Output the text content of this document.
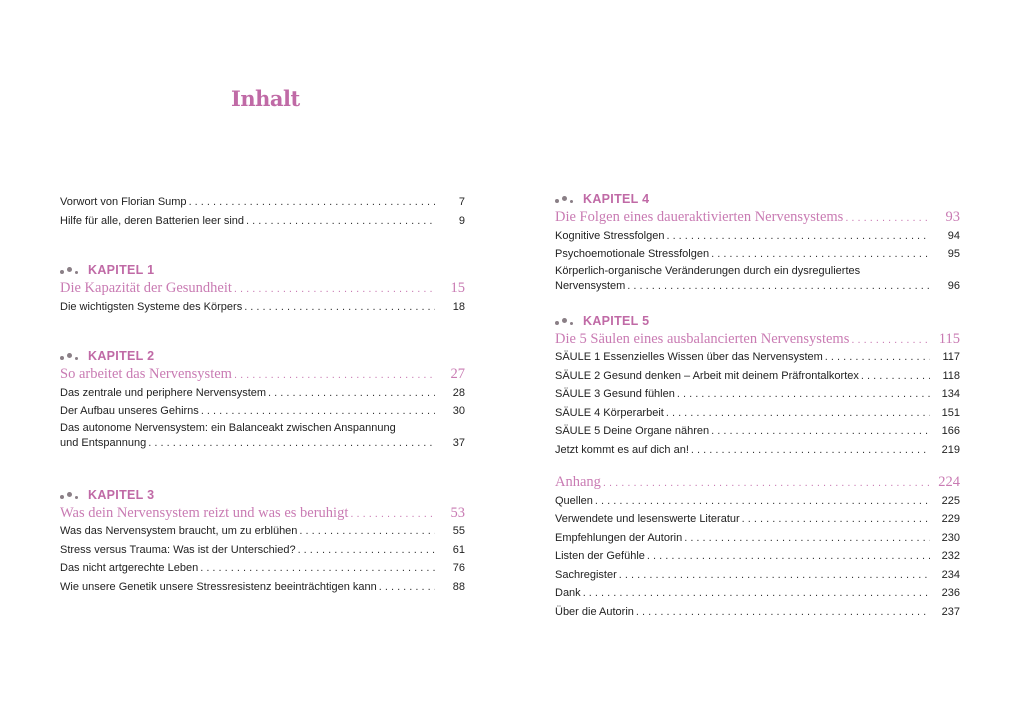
Inhalt
Vorwort von Florian Sump . . .	7
Hilfe für alle, deren Batterien leer sind . . .	9
KAPITEL 1
Die Kapazität der Gesundheit . . .	15
Die wichtigsten Systeme des Körpers . . .	18
KAPITEL 2
So arbeitet das Nervensystem . . .	27
Das zentrale und periphere Nervensystem . . .	28
Der Aufbau unseres Gehirns . . .	30
Das autonome Nervensystem: ein Balanceakt zwischen Anspannung
und Entspannung . . .	37
KAPITEL 3
Was dein Nervensystem reizt und was es beruhigt . . .	53
Was das Nervensystem braucht, um zu erblühen . . .	55
Stress versus Trauma: Was ist der Unterschied? . . .	61
Das nicht artgerechte Leben . . .	76
Wie unsere Genetik unsere Stressresistenz beeinträchtigen kann . . .	88
KAPITEL 4
Die Folgen eines daueraktivierten Nervensystems . . .	93
Kognitive Stressfolgen . . .	94
Psychoemotionale Stressfolgen . . .	95
Körperlich-organische Veränderungen durch ein dysreguliertes
Nervensystem . . .	96
KAPITEL 5
Die 5 Säulen eines ausbalancierten Nervensystems . . .	115
SÄULE 1 Essenzielles Wissen über das Nervensystem . . .	117
SÄULE 2 Gesund denken – Arbeit mit deinem Präfrontalkortex . . .	118
SÄULE 3 Gesund fühlen . . .	134
SÄULE 4 Körperarbeit . . .	151
SÄULE 5 Deine Organe nähren . . .	166
Jetzt kommt es auf dich an! . . .	219
Anhang . . .	224
Quellen . . .	225
Verwendete und lesenswerte Literatur . . .	229
Empfehlungen der Autorin . . .	230
Listen der Gefühle . . .	232
Sachregister . . .	234
Dank . . .	236
Über die Autorin . . .	237
